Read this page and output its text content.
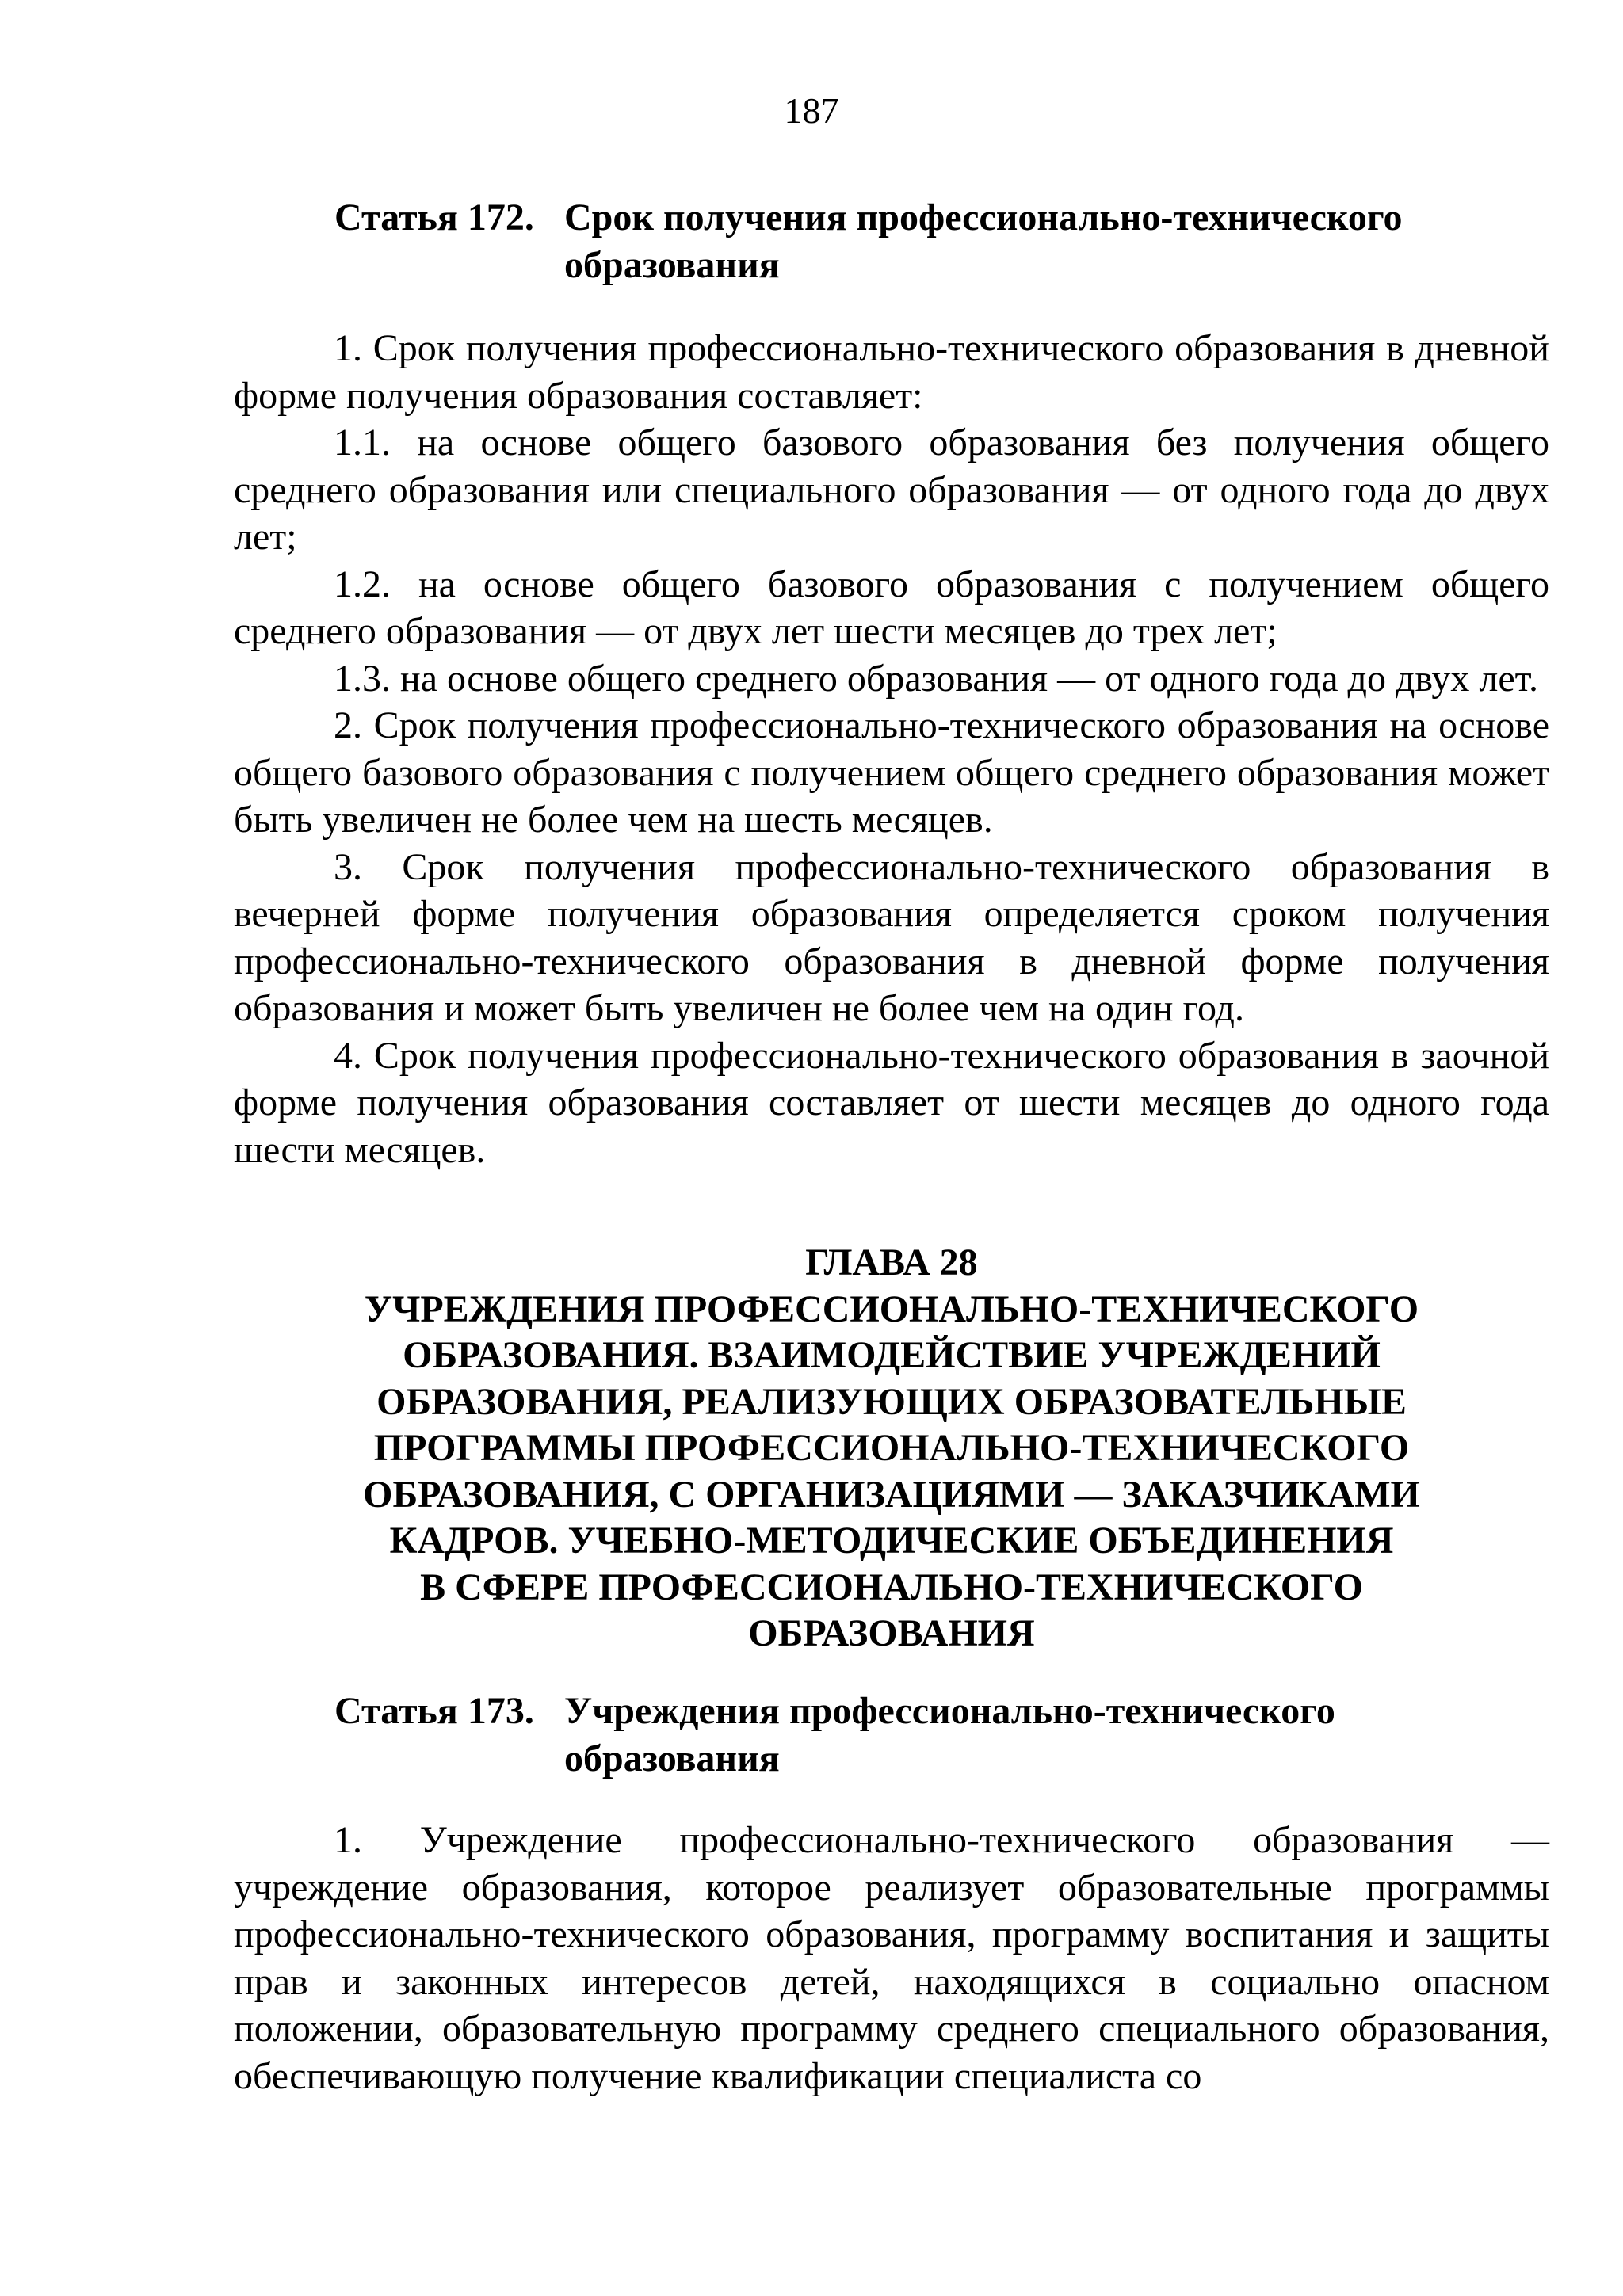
187
Статья 172. Срок получения профессионально-технического образования

1. Срок получения профессионально-технического образования в дневной форме получения образования составляет:

1.1. на основе общего базового образования без получения общего среднего образования или специального образования — от одного года до двух лет;

1.2. на основе общего базового образования с получением общего среднего образования — от двух лет шести месяцев до трех лет;

1.3. на основе общего среднего образования — от одного года до двух лет.

2. Срок получения профессионально-технического образования на основе общего базового образования с получением общего среднего образования может быть увеличен не более чем на шесть месяцев.

3. Срок получения профессионально-технического образования в вечерней форме получения образования определяется сроком получения профессионально-технического образования в дневной форме получения образования и может быть увеличен не более чем на один год.

4. Срок получения профессионально-технического образования в заочной форме получения образования составляет от шести месяцев до одного года шести месяцев.

ГЛАВА 28
УЧРЕЖДЕНИЯ ПРОФЕССИОНАЛЬНО-ТЕХНИЧЕСКОГО
ОБРАЗОВАНИЯ. ВЗАИМОДЕЙСТВИЕ УЧРЕЖДЕНИЙ
ОБРАЗОВАНИЯ, РЕАЛИЗУЮЩИХ ОБРАЗОВАТЕЛЬНЫЕ
ПРОГРАММЫ ПРОФЕССИОНАЛЬНО-ТЕХНИЧЕСКОГО
ОБРАЗОВАНИЯ, С ОРГАНИЗАЦИЯМИ — ЗАКАЗЧИКАМИ
КАДРОВ. УЧЕБНО-МЕТОДИЧЕСКИЕ ОБЪЕДИНЕНИЯ
В СФЕРЕ ПРОФЕССИОНАЛЬНО-ТЕХНИЧЕСКОГО
ОБРАЗОВАНИЯ
Статья 173. Учреждения профессионально-технического образования

1. Учреждение профессионально-технического образования — учреждение образования, которое реализует образовательные программы профессионально-технического образования, программу воспитания и защиты прав и законных интересов детей, находящихся в социально опасном положении, образовательную программу среднего специального образования, обеспечивающую получение квалификации специалиста со
